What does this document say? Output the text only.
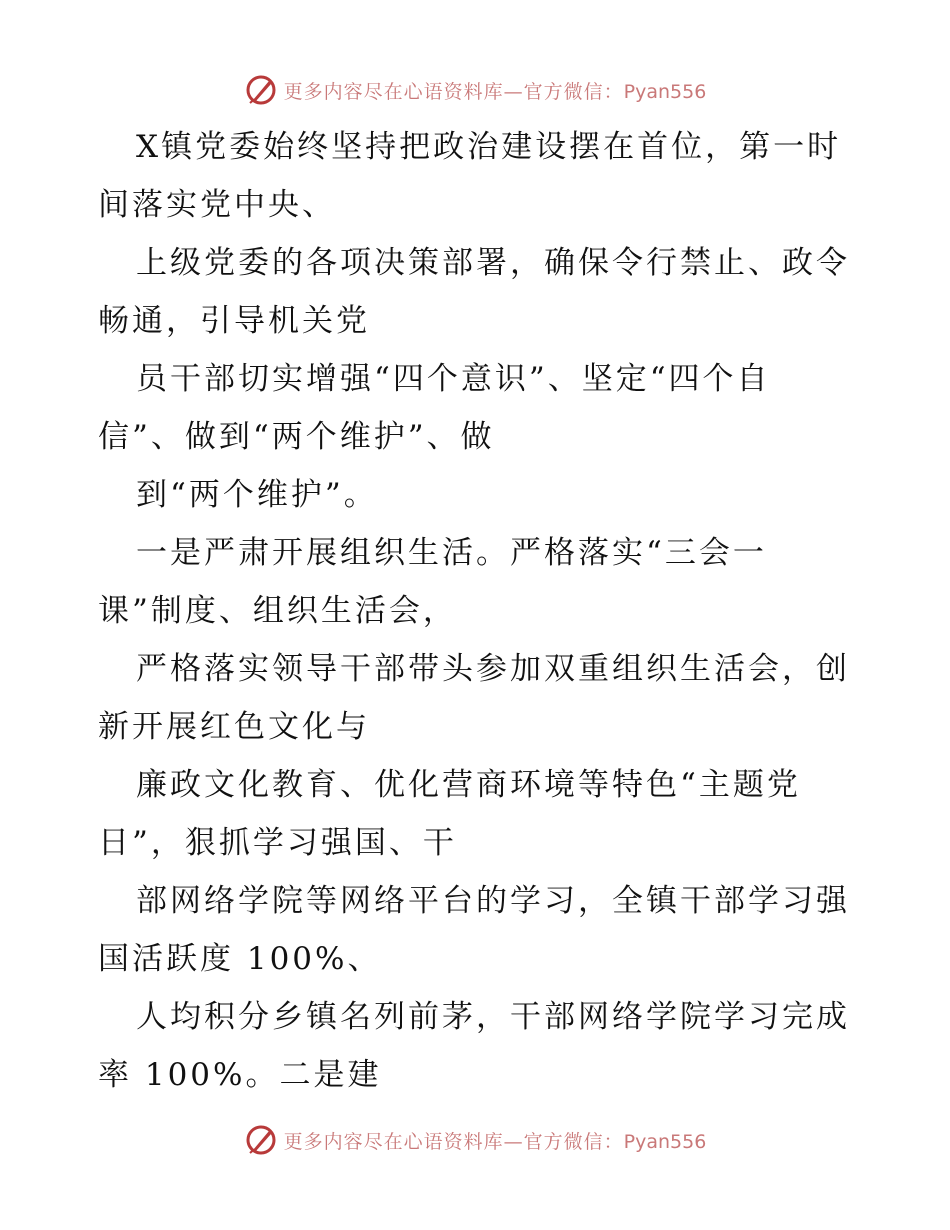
更多内容尽在心语资料库—官方微信：Pyan556
X镇党委始终坚持把政治建设摆在首位，第一时
间落实党中央、
上级党委的各项决策部署，确保令行禁止、政令
畅通，引导机关党
员干部切实增强“四个意识”、坚定“四个自
信”、做到“两个维护”、做
到“两个维护”。
一是严肃开展组织生活。严格落实“三会一
课”制度、组织生活会，
严格落实领导干部带头参加双重组织生活会，创
新开展红色文化与
廉政文化教育、优化营商环境等特色“主题党
日”，狠抓学习强国、干
部网络学院等网络平台的学习，全镇干部学习强
国活跃度 100%、
人均积分乡镇名列前茅，干部网络学院学习完成
率 100%。二是建
更多内容尽在心语资料库—官方微信：Pyan556
